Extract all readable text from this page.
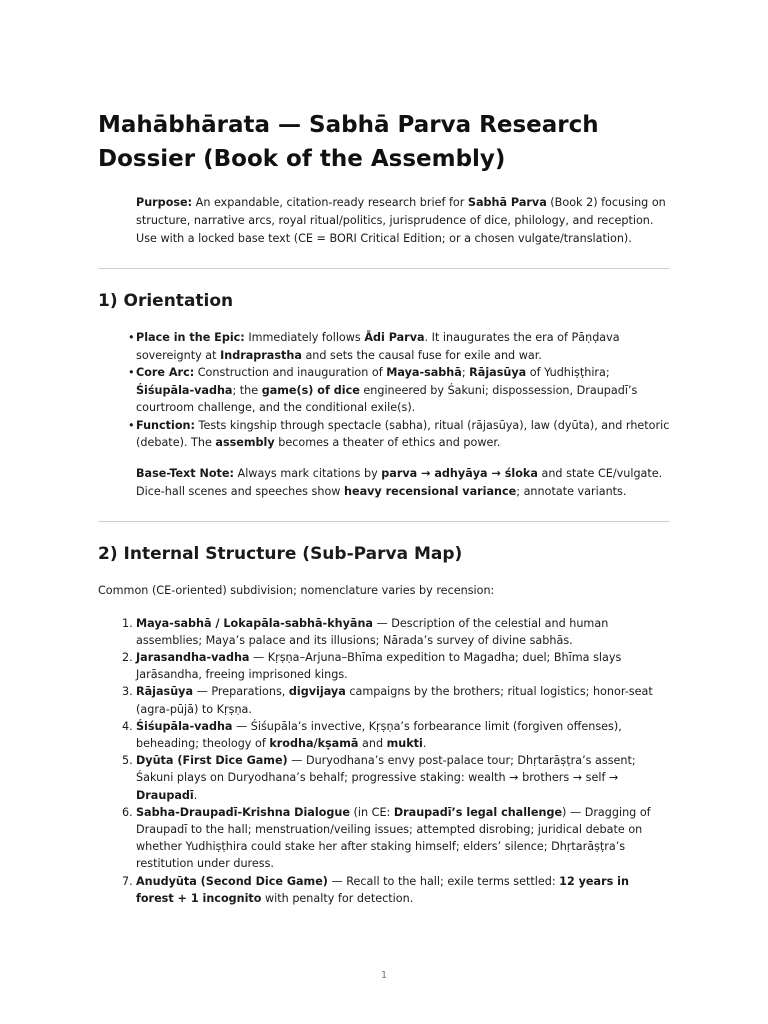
Mahābhārata — Sabhā Parva Research Dossier (Book of the Assembly)

Purpose: An expandable, citation-ready research brief for Sabhā Parva (Book 2) focusing on structure, narrative arcs, royal ritual/politics, jurisprudence of dice, philology, and reception. Use with a locked base text (CE = BORI Critical Edition; or a chosen vulgate/translation).

1) Orientation
• Place in the Epic: Immediately follows Ādi Parva. It inaugurates the era of Pāṇḍava sovereignty at Indraprastha and sets the causal fuse for exile and war.
• Core Arc: Construction and inauguration of Maya-sabhā; Rājasūya of Yudhiṣṭhira; Śiśupāla-vadha; the game(s) of dice engineered by Śakuni; dispossession, Draupadī’s courtroom challenge, and the conditional exile(s).
• Function: Tests kingship through spectacle (sabha), ritual (rājasūya), law (dyūta), and rhetoric (debate). The assembly becomes a theater of ethics and power.

Base-Text Note: Always mark citations by parva → adhyāya → śloka and state CE/vulgate. Dice-hall scenes and speeches show heavy recensional variance; annotate variants.

2) Internal Structure (Sub-Parva Map)

Common (CE-oriented) subdivision; nomenclature varies by recension:

1. Maya-sabhā / Lokapāla-sabhā-khyāna — Description of the celestial and human assemblies; Maya’s palace and its illusions; Nārada’s survey of divine sabhās.
2. Jarasandha-vadha — Kṛṣṇa–Arjuna–Bhīma expedition to Magadha; duel; Bhīma slays Jarāsandha, freeing imprisoned kings.
3. Rājasūya — Preparations, digvijaya campaigns by the brothers; ritual logistics; honor-seat (agra-pūjā) to Kṛṣṇa.
4. Śiśupāla-vadha — Śiśupāla’s invective, Kṛṣṇa’s forbearance limit (forgiven offenses), beheading; theology of krodha/kṣamā and mukti.
5. Dyūta (First Dice Game) — Duryodhana’s envy post-palace tour; Dhṛtarāṣṭra’s assent; Śakuni plays on Duryodhana’s behalf; progressive staking: wealth → brothers → self → Draupadī.
6. Sabha-Draupadī-Krishna Dialogue (in CE: Draupadī’s legal challenge) — Dragging of Draupadī to the hall; menstruation/veiling issues; attempted disrobing; juridical debate on whether Yudhiṣṭhira could stake her after staking himself; elders’ silence; Dhṛtarāṣṭra’s restitution under duress.
7. Anudyūta (Second Dice Game) — Recall to the hall; exile terms settled: 12 years in forest + 1 incognito with penalty for detection.
1
